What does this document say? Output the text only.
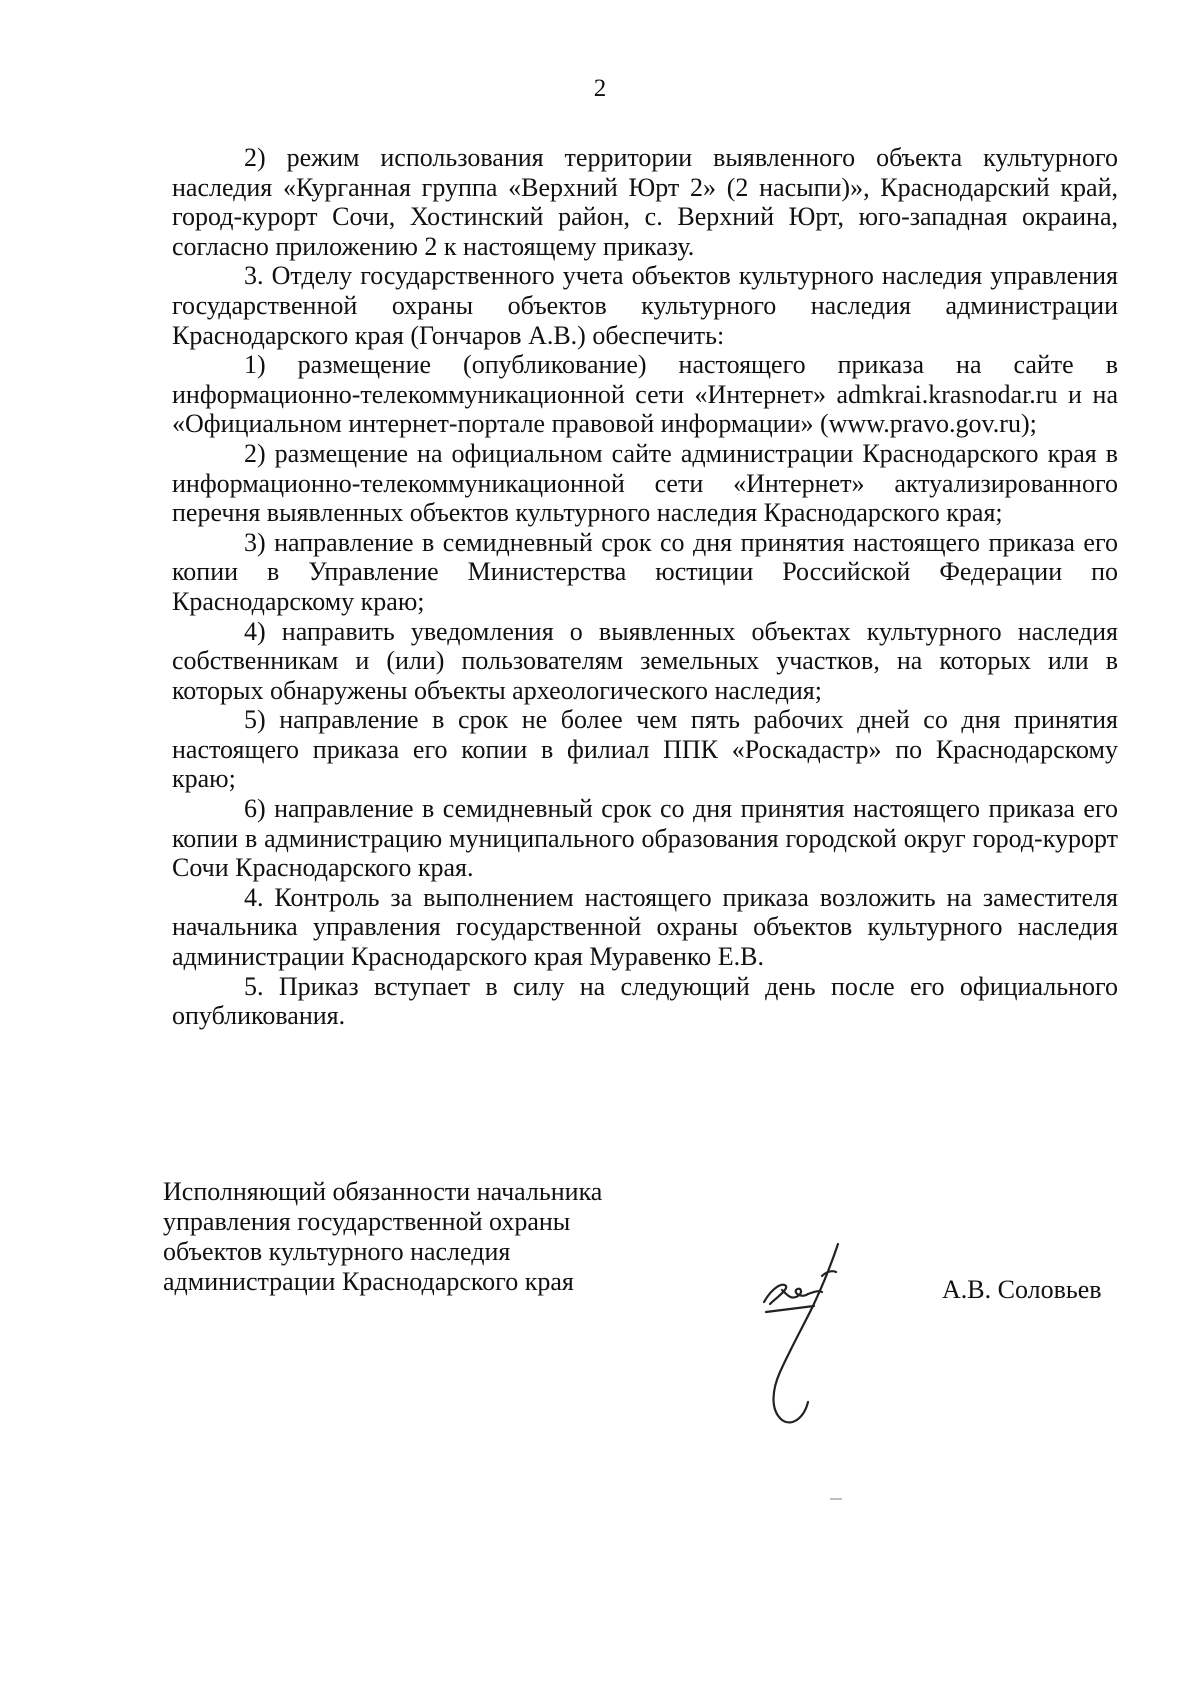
2

2) режим использования территории выявленного объекта культурного наследия «Курганная группа «Верхний Юрт 2» (2 насыпи)», Краснодарский край, город-курорт Сочи, Хостинский район, с. Верхний Юрт, юго-западная окраина, согласно приложению 2 к настоящему приказу.

3. Отделу государственного учета объектов культурного наследия управления государственной охраны объектов культурного наследия администрации Краснодарского края (Гончаров А.В.) обеспечить:

1) размещение (опубликование) настоящего приказа на сайте в информационно-телекоммуникационной сети «Интернет» admkrai.krasnodar.ru и на «Официальном интернет-портале правовой информации» (www.pravo.gov.ru);

2) размещение на официальном сайте администрации Краснодарского края в информационно-телекоммуникационной сети «Интернет» актуализированного перечня выявленных объектов культурного наследия Краснодарского края;

3) направление в семидневный срок со дня принятия настоящего приказа его копии в Управление Министерства юстиции Российской Федерации по Краснодарскому краю;

4) направить уведомления о выявленных объектах культурного наследия собственникам и (или) пользователям земельных участков, на которых или в которых обнаружены объекты археологического наследия;

5) направление в срок не более чем пять рабочих дней со дня принятия настоящего приказа его копии в филиал ППК «Роскадастр» по Краснодарскому краю;

6) направление в семидневный срок со дня принятия настоящего приказа его копии в администрацию муниципального образования городской округ город-курорт Сочи Краснодарского края.

4. Контроль за выполнением настоящего приказа возложить на заместителя начальника управления государственной охраны объектов культурного наследия администрации Краснодарского края Муравенко Е.В.

5. Приказ вступает в силу на следующий день после его официального опубликования.

Исполняющий обязанности начальника
управления государственной охраны
объектов культурного наследия
администрации Краснодарского края	А.В. Соловьев
